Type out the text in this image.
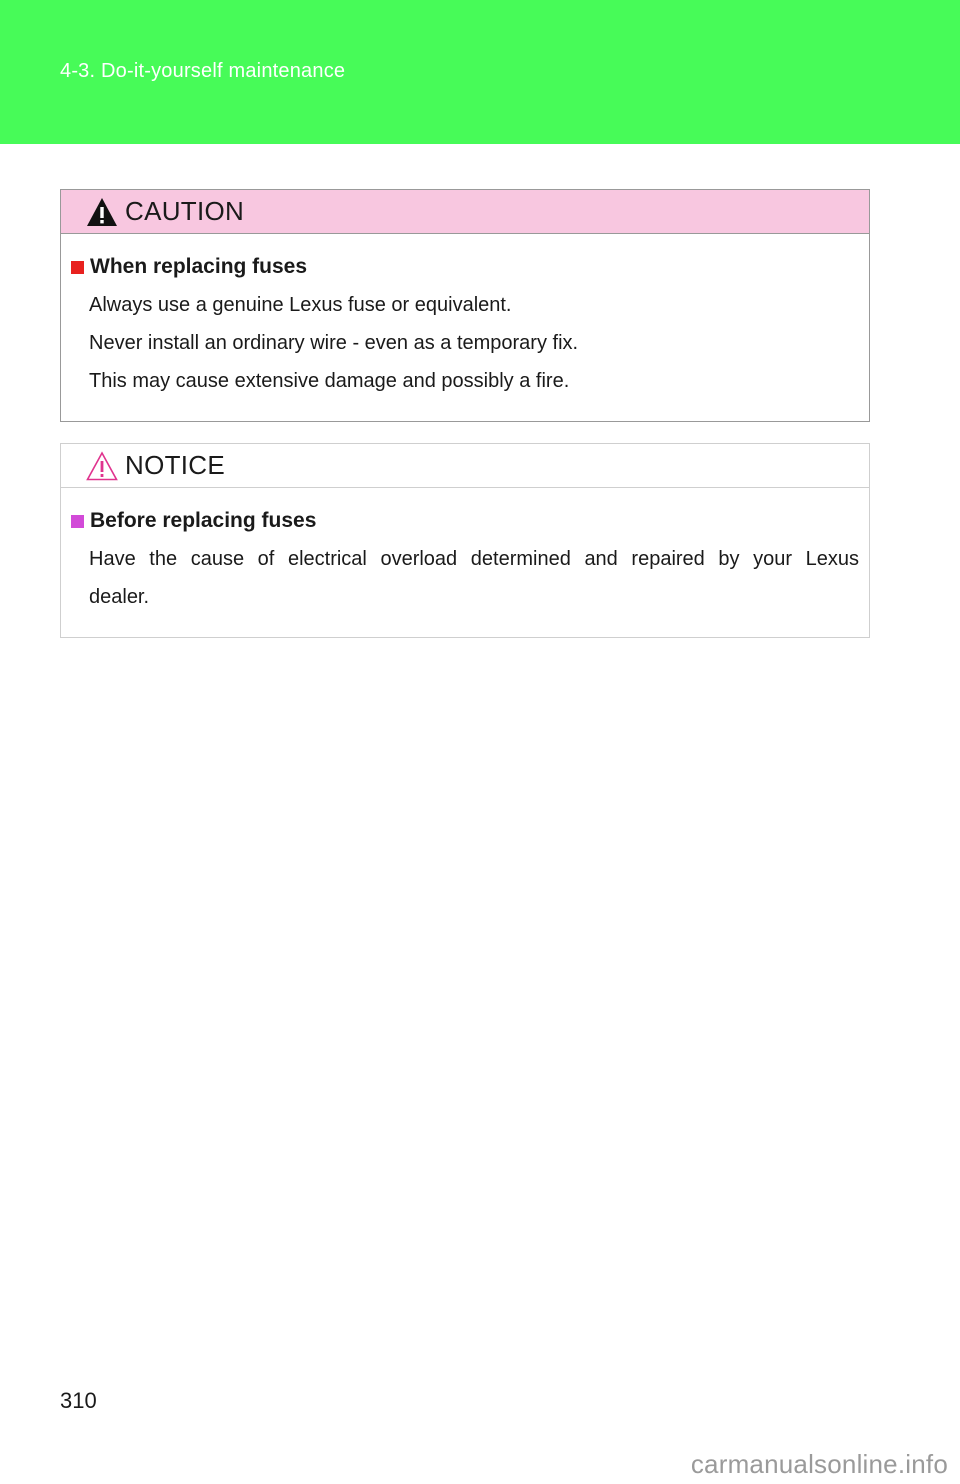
4-3. Do-it-yourself maintenance
CAUTION
When replacing fuses
Always use a genuine Lexus fuse or equivalent.
Never install an ordinary wire - even as a temporary fix.
This may cause extensive damage and possibly a fire.
NOTICE
Before replacing fuses
Have the cause of electrical overload determined and repaired by your Lexus
dealer.
310
carmanualsonline.info
